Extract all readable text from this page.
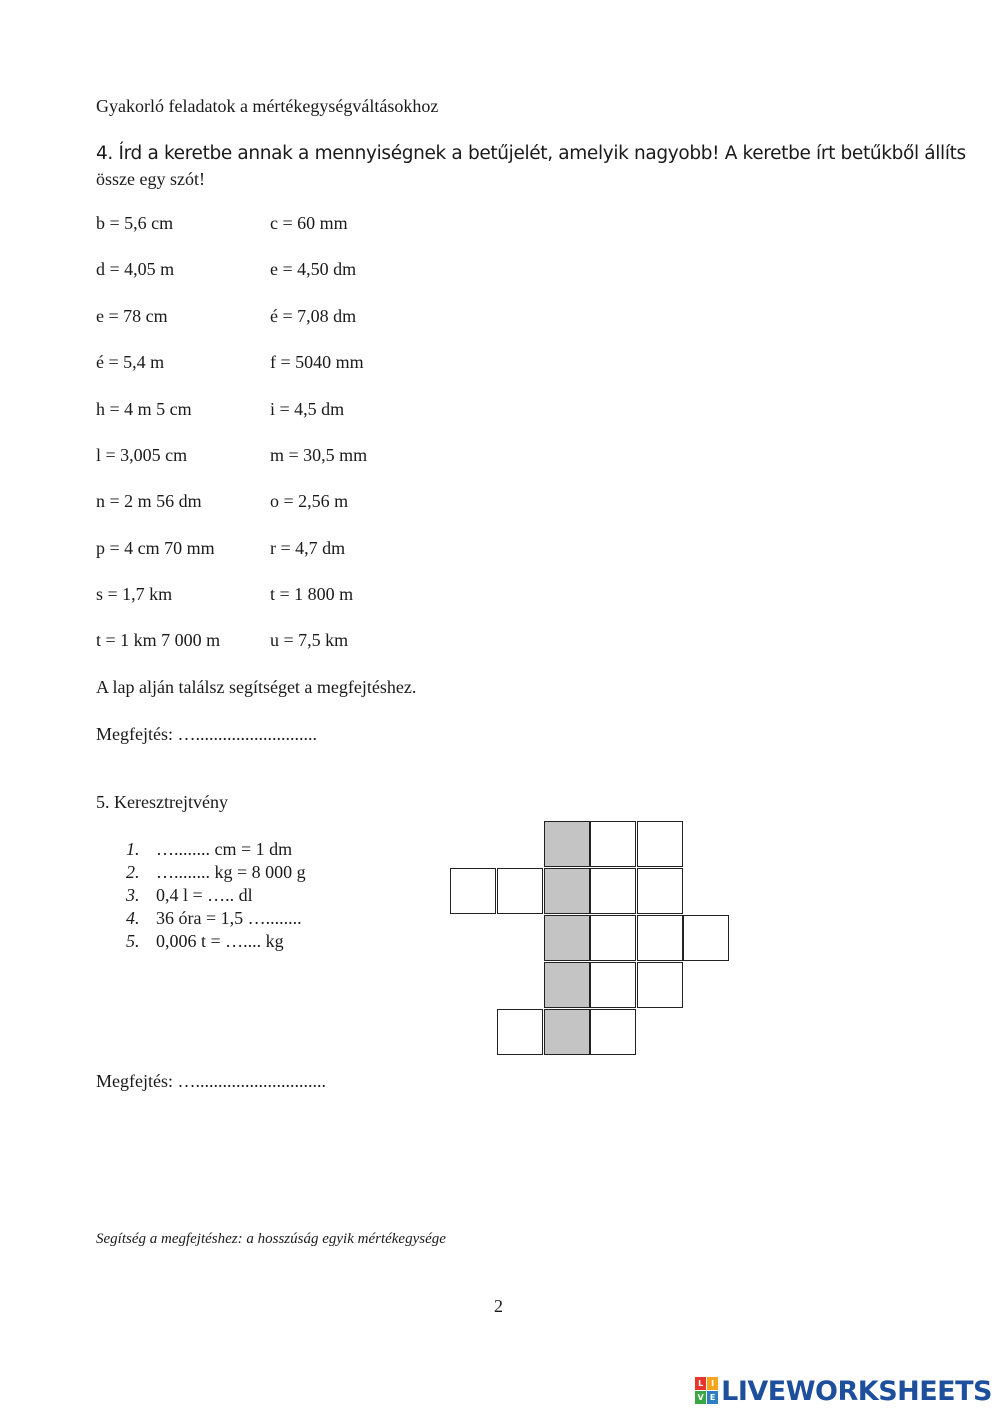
Gyakorló feladatok a mértékegységváltásokhoz
4. Írd a keretbe annak a mennyiségnek a betűjelét, amelyik nagyobb! A keretbe írt betűkből állíts
össze egy szót!
b = 5,6 cm	c = 60 mm
d = 4,05 m	e = 4,50 dm
e = 78 cm	é = 7,08 dm
é = 5,4 m	f = 5040 mm
h = 4 m 5 cm	i = 4,5 dm
l = 3,005 cm	m = 30,5 mm
n = 2 m 56 dm	o = 2,56 m
p = 4 cm 70 mm	r = 4,7 dm
s = 1,7 km	t = 1 800 m
t = 1 km 7 000 m	u = 7,5 km
A lap alján találsz segítséget a megfejtéshez.
Megfejtés: …...........................
5. Keresztrejtvény
1. …........ cm = 1 dm
2. …........ kg = 8 000 g
3. 0,4 l = ….. dl
4. 36 óra = 1,5 …........
5. 0,006 t = ….... kg
Megfejtés: ….............................
Segítség a megfejtéshez: a hosszúság egyik mértékegysége
2
L I
V E LIVEWORKSHEETS
